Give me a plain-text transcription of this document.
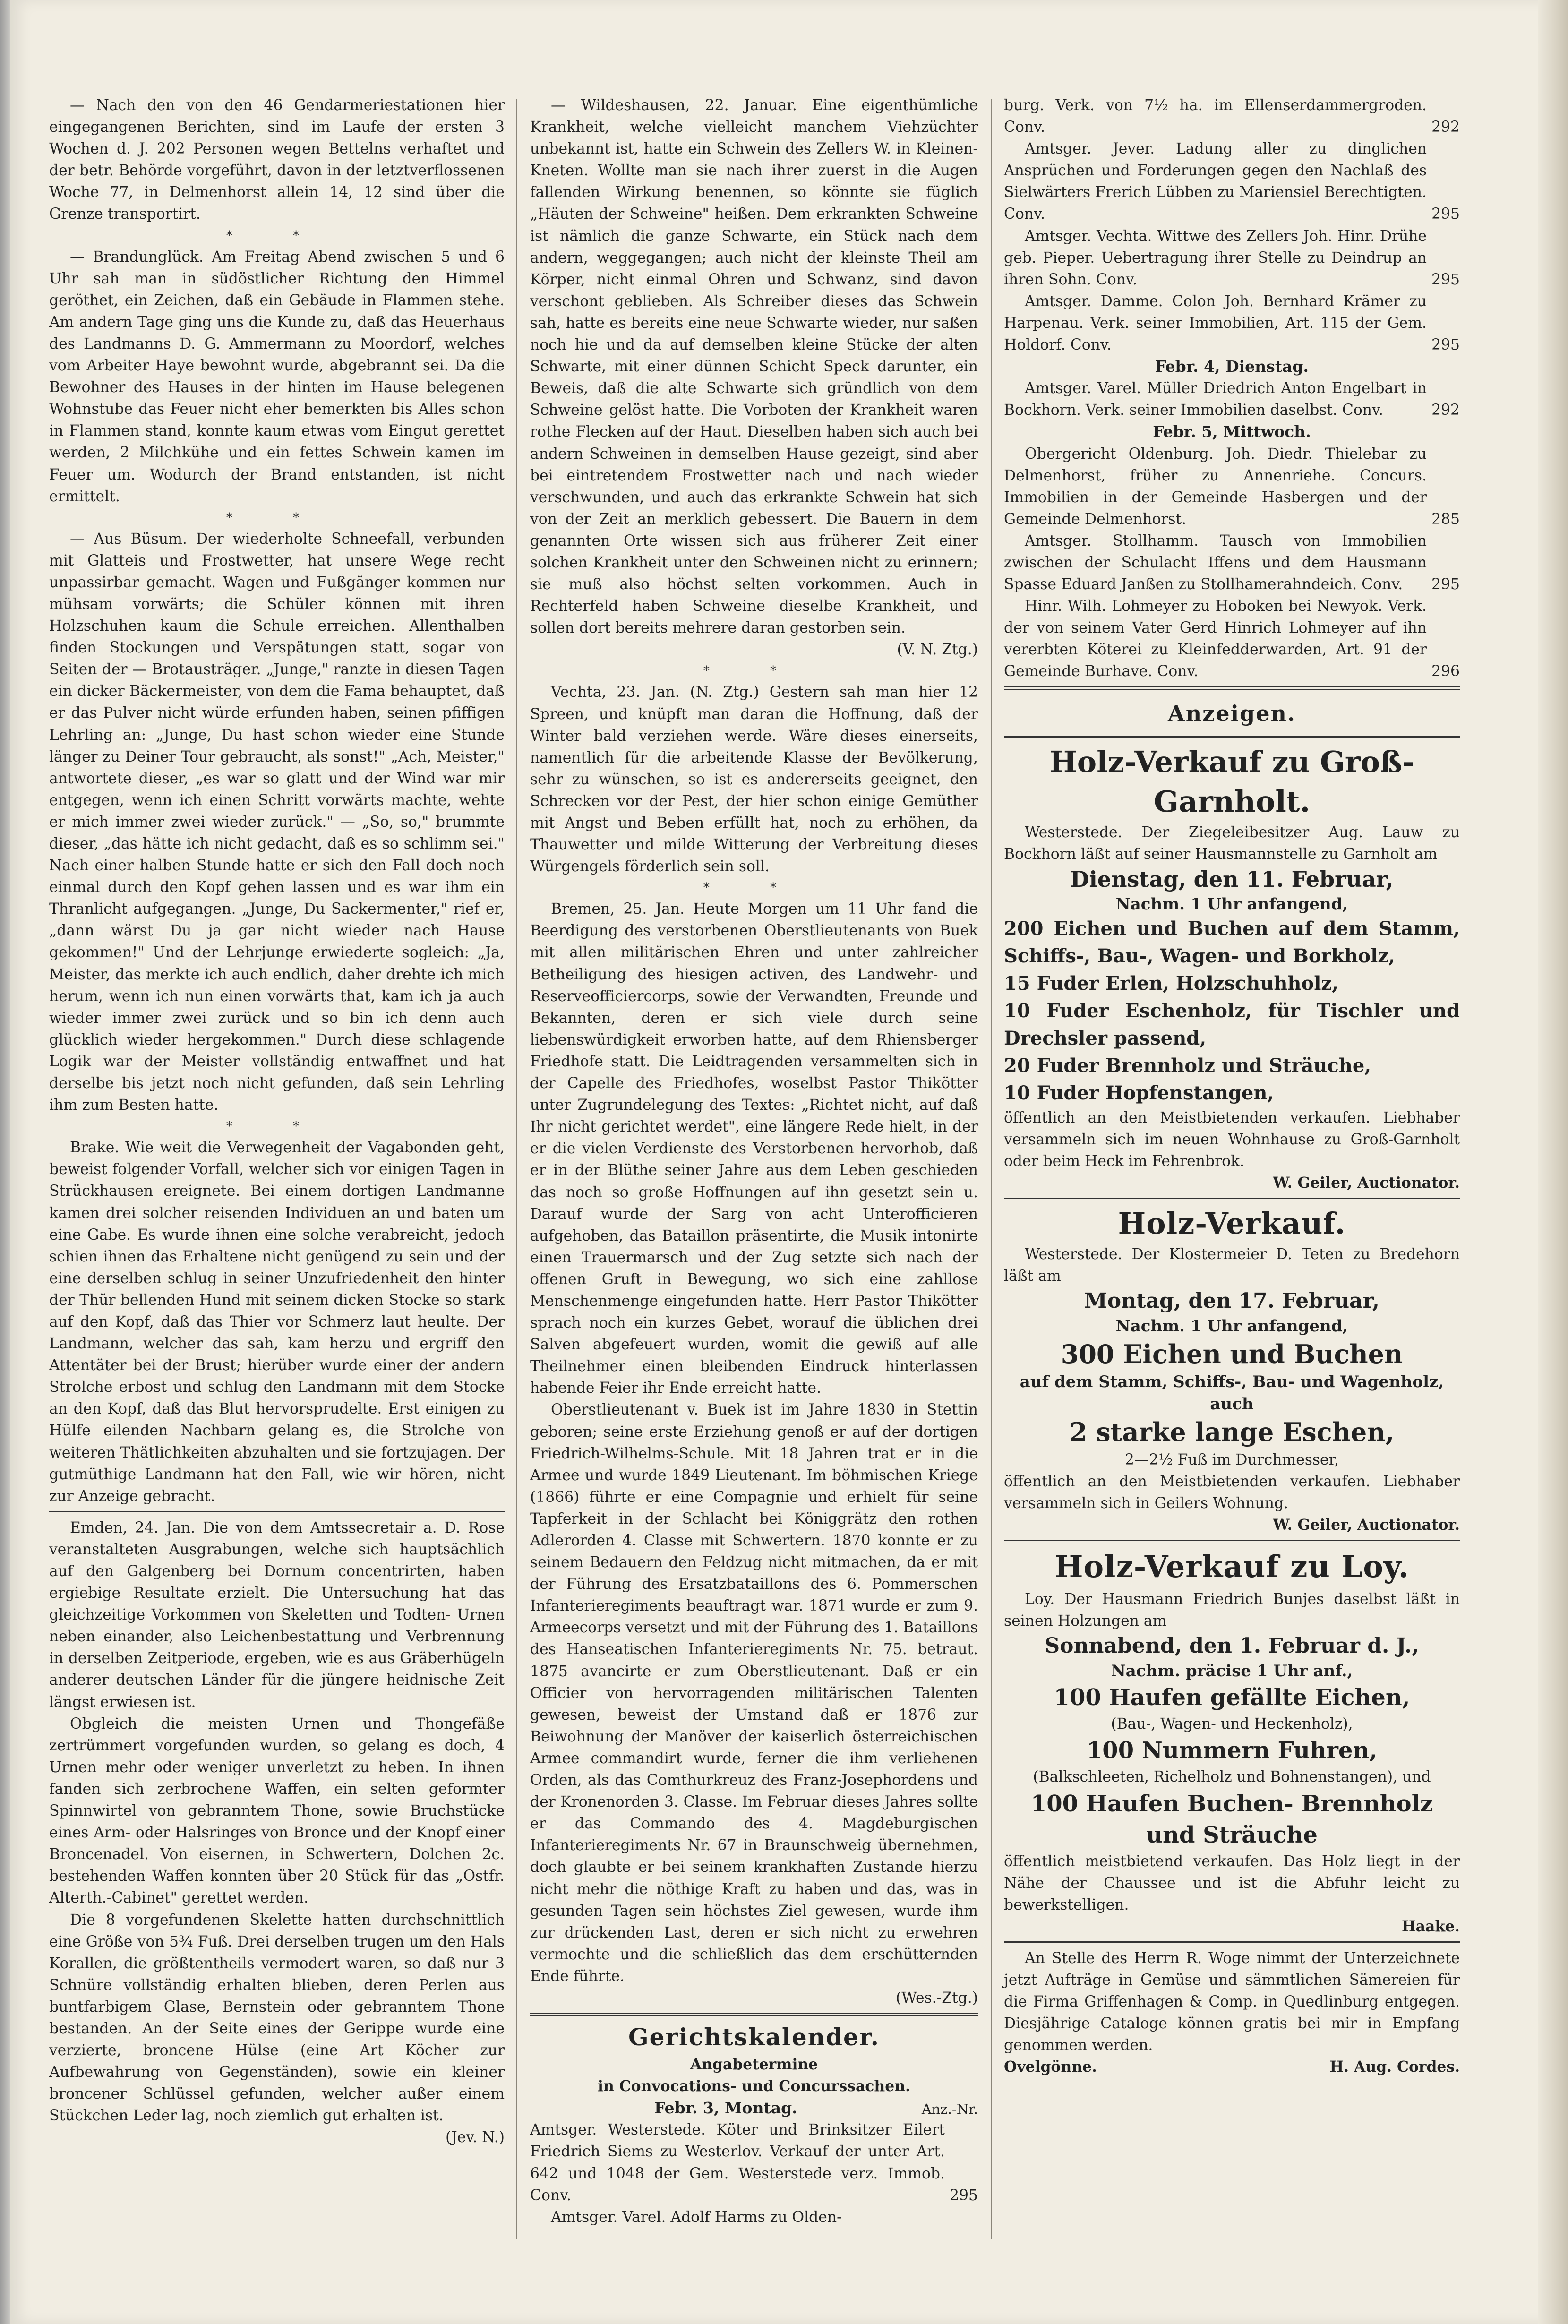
— Nach den von den 46 Gendarmeriestationen hier eingegangenen Berichten, sind im Laufe der ersten 3 Wochen d. J. 202 Personen wegen Bettelns verhaftet und der betr. Behörde vorgeführt, davon in der letztverflossenen Woche 77, in Delmenhorst allein 14, 12 sind über die Grenze transportirt.

* *

— Brandunglück. Am Freitag Abend zwischen 5 und 6 Uhr sah man in südöstlicher Richtung den Himmel geröthet, ein Zeichen, daß ein Gebäude in Flammen stehe. Am andern Tage ging uns die Kunde zu, daß das Heuerhaus des Landmanns D. G. Ammermann zu Moordorf, welches vom Arbeiter Haye bewohnt wurde, abgebrannt sei. Da die Bewohner des Hauses in der hinten im Hause belegenen Wohnstube das Feuer nicht eher bemerkten bis Alles schon in Flammen stand, konnte kaum etwas vom Eingut gerettet werden, 2 Milchkühe und ein fettes Schwein kamen im Feuer um. Wodurch der Brand entstanden, ist nicht ermittelt.

* *

— Aus Büsum. Der wiederholte Schneefall, verbunden mit Glatteis und Frostwetter, hat unsere Wege recht unpassirbar gemacht. Wagen und Fußgänger kommen nur mühsam vorwärts; die Schüler können mit ihren Holzschuhen kaum die Schule erreichen. Allenthalben finden Stockungen und Verspätungen statt, sogar von Seiten der — Brotausträger. „Junge," ranzte in diesen Tagen ein dicker Bäckermeister, von dem die Fama behauptet, daß er das Pulver nicht würde erfunden haben, seinen pfiffigen Lehrling an: „Junge, Du hast schon wieder eine Stunde länger zu Deiner Tour gebraucht, als sonst!" „Ach, Meister," antwortete dieser, „es war so glatt und der Wind war mir entgegen, wenn ich einen Schritt vorwärts machte, wehte er mich immer zwei wieder zurück." — „So, so," brummte dieser, „das hätte ich nicht gedacht, daß es so schlimm sei." Nach einer halben Stunde hatte er sich den Fall doch noch einmal durch den Kopf gehen lassen und es war ihm ein Thranlicht aufgegangen. „Junge, Du Sackermenter," rief er, „dann wärst Du ja gar nicht wieder nach Hause gekommen!" Und der Lehrjunge erwiederte sogleich: „Ja, Meister, das merkte ich auch endlich, daher drehte ich mich herum, wenn ich nun einen vorwärts that, kam ich ja auch wieder immer zwei zurück und so bin ich denn auch glücklich wieder hergekommen." Durch diese schlagende Logik war der Meister vollständig entwaffnet und hat derselbe bis jetzt noch nicht gefunden, daß sein Lehrling ihm zum Besten hatte.

* *

Brake. Wie weit die Verwegenheit der Vagabonden geht, beweist folgender Vorfall, welcher sich vor einigen Tagen in Strückhausen ereignete. Bei einem dortigen Landmanne kamen drei solcher reisenden Individuen an und baten um eine Gabe. Es wurde ihnen eine solche verabreicht, jedoch schien ihnen das Erhaltene nicht genügend zu sein und der eine derselben schlug in seiner Unzufriedenheit den hinter der Thür bellenden Hund mit seinem dicken Stocke so stark auf den Kopf, daß das Thier vor Schmerz laut heulte. Der Landmann, welcher das sah, kam herzu und ergriff den Attentäter bei der Brust; hierüber wurde einer der andern Strolche erbost und schlug den Landmann mit dem Stocke an den Kopf, daß das Blut hervorsprudelte. Erst einigen zu Hülfe eilenden Nachbarn gelang es, die Strolche von weiteren Thätlichkeiten abzuhalten und sie fortzujagen. Der gutmüthige Landmann hat den Fall, wie wir hören, nicht zur Anzeige gebracht.

Emden, 24. Jan. Die von dem Amtssecretair a. D. Rose veranstalteten Ausgrabungen, welche sich hauptsächlich auf den Galgenberg bei Dornum concentrirten, haben ergiebige Resultate erzielt. Die Untersuchung hat das gleichzeitige Vorkommen von Skeletten und Todten- Urnen neben einander, also Leichenbestattung und Verbrennung in derselben Zeitperiode, ergeben, wie es aus Gräberhügeln anderer deutschen Länder für die jüngere heidnische Zeit längst erwiesen ist.

Obgleich die meisten Urnen und Thongefäße zertrümmert vorgefunden wurden, so gelang es doch, 4 Urnen mehr oder weniger unverletzt zu heben. In ihnen fanden sich zerbrochene Waffen, ein selten geformter Spinnwirtel von gebranntem Thone, sowie Bruchstücke eines Arm- oder Halsringes von Bronce und der Knopf einer Broncenadel. Von eisernen, in Schwertern, Dolchen 2c. bestehenden Waffen konnten über 20 Stück für das „Ostfr. Alterth.-Cabinet" gerettet werden.

Die 8 vorgefundenen Skelette hatten durchschnittlich eine Größe von 5¾ Fuß. Drei derselben trugen um den Hals Korallen, die größtentheils vermodert waren, so daß nur 3 Schnüre vollständig erhalten blieben, deren Perlen aus buntfarbigem Glase, Bernstein oder gebranntem Thone bestanden. An der Seite eines der Gerippe wurde eine verzierte, broncene Hülse (eine Art Köcher zur Aufbewahrung von Gegenständen), sowie ein kleiner broncener Schlüssel gefunden, welcher außer einem Stückchen Leder lag, noch ziemlich gut erhalten ist.

(Jev. N.)

— Wildeshausen, 22. Januar. Eine eigenthümliche Krankheit, welche vielleicht manchem Viehzüchter unbekannt ist, hatte ein Schwein des Zellers W. in Kleinen-Kneten. Wollte man sie nach ihrer zuerst in die Augen fallenden Wirkung benennen, so könnte sie füglich „Häuten der Schweine" heißen. Dem erkrankten Schweine ist nämlich die ganze Schwarte, ein Stück nach dem andern, weggegangen; auch nicht der kleinste Theil am Körper, nicht einmal Ohren und Schwanz, sind davon verschont geblieben. Als Schreiber dieses das Schwein sah, hatte es bereits eine neue Schwarte wieder, nur saßen noch hie und da auf demselben kleine Stücke der alten Schwarte, mit einer dünnen Schicht Speck darunter, ein Beweis, daß die alte Schwarte sich gründlich von dem Schweine gelöst hatte. Die Vorboten der Krankheit waren rothe Flecken auf der Haut. Dieselben haben sich auch bei andern Schweinen in demselben Hause gezeigt, sind aber bei eintretendem Frostwetter nach und nach wieder verschwunden, und auch das erkrankte Schwein hat sich von der Zeit an merklich gebessert. Die Bauern in dem genannten Orte wissen sich aus früherer Zeit einer solchen Krankheit unter den Schweinen nicht zu erinnern; sie muß also höchst selten vorkommen. Auch in Rechterfeld haben Schweine dieselbe Krankheit, und sollen dort bereits mehrere daran gestorben sein.

(V. N. Ztg.)

* *

Vechta, 23. Jan. (N. Ztg.) Gestern sah man hier 12 Spreen, und knüpft man daran die Hoffnung, daß der Winter bald verziehen werde. Wäre dieses einerseits, namentlich für die arbeitende Klasse der Bevölkerung, sehr zu wünschen, so ist es andererseits geeignet, den Schrecken vor der Pest, der hier schon einige Gemüther mit Angst und Beben erfüllt hat, noch zu erhöhen, da Thauwetter und milde Witterung der Verbreitung dieses Würgengels förderlich sein soll.

* *

Bremen, 25. Jan. Heute Morgen um 11 Uhr fand die Beerdigung des verstorbenen Oberstlieutenants von Buek mit allen militärischen Ehren und unter zahlreicher Betheiligung des hiesigen activen, des Landwehr- und Reserveofficiercorps, sowie der Verwandten, Freunde und Bekannten, deren er sich viele durch seine liebenswürdigkeit erworben hatte, auf dem Rhiensberger Friedhofe statt. Die Leidtragenden versammelten sich in der Capelle des Friedhofes, woselbst Pastor Thikötter unter Zugrundelegung des Textes: „Richtet nicht, auf daß Ihr nicht gerichtet werdet", eine längere Rede hielt, in der er die vielen Verdienste des Verstorbenen hervorhob, daß er in der Blüthe seiner Jahre aus dem Leben geschieden das noch so große Hoffnungen auf ihn gesetzt sein u. Darauf wurde der Sarg von acht Unterofficieren aufgehoben, das Bataillon präsentirte, die Musik intonirte einen Trauermarsch und der Zug setzte sich nach der offenen Gruft in Bewegung, wo sich eine zahllose Menschenmenge eingefunden hatte. Herr Pastor Thikötter sprach noch ein kurzes Gebet, worauf die üblichen drei Salven abgefeuert wurden, womit die gewiß auf alle Theilnehmer einen bleibenden Eindruck hinterlassen habende Feier ihr Ende erreicht hatte.

Oberstlieutenant v. Buek ist im Jahre 1830 in Stettin geboren; seine erste Erziehung genoß er auf der dortigen Friedrich-Wilhelms-Schule. Mit 18 Jahren trat er in die Armee und wurde 1849 Lieutenant. Im böhmischen Kriege (1866) führte er eine Compagnie und erhielt für seine Tapferkeit in der Schlacht bei Königgrätz den rothen Adlerorden 4. Classe mit Schwertern. 1870 konnte er zu seinem Bedauern den Feldzug nicht mitmachen, da er mit der Führung des Ersatzbataillons des 6. Pommerschen Infanterieregiments beauftragt war. 1871 wurde er zum 9. Armeecorps versetzt und mit der Führung des 1. Bataillons des Hanseatischen Infanterieregiments Nr. 75. betraut. 1875 avancirte er zum Oberstlieutenant. Daß er ein Officier von hervorragenden militärischen Talenten gewesen, beweist der Umstand daß er 1876 zur Beiwohnung der Manöver der kaiserlich österreichischen Armee commandirt wurde, ferner die ihm verliehenen Orden, als das Comthurkreuz des Franz-Josephordens und der Kronenorden 3. Classe. Im Februar dieses Jahres sollte er das Commando des 4. Magdeburgischen Infanterieregiments Nr. 67 in Braunschweig übernehmen, doch glaubte er bei seinem krankhaften Zustande hierzu nicht mehr die nöthige Kraft zu haben und das, was in gesunden Tagen sein höchstes Ziel gewesen, wurde ihm zur drückenden Last, deren er sich nicht zu erwehren vermochte und die schließlich das dem erschütternden Ende führte.

(Wes.-Ztg.)

Gerichtskalender.
Angabetermine
in Convocations- und Concurssachen.
Febr. 3, Montag.	Anz.-Nr.

Amtsger. Westerstede. Köter und Brinksitzer Eilert Friedrich Siems zu Westerlov. Verkauf der unter Art. 642 und 1048 der Gem. Westerstede verz. Immob. Conv.	295

Amtsger. Varel. Adolf Harms zu Olden-

burg. Verk. von 7½ ha. im Ellenserdammergroden. Conv.	292

Amtsger. Jever. Ladung aller zu dinglichen Ansprüchen und Forderungen gegen den Nachlaß des Sielwärters Frerich Lübben zu Mariensiel Berechtigten. Conv.	295

Amtsger. Vechta. Wittwe des Zellers Joh. Hinr. Drühe geb. Pieper. Uebertragung ihrer Stelle zu Deindrup an ihren Sohn. Conv.	295

Amtsger. Damme. Colon Joh. Bernhard Krämer zu Harpenau. Verk. seiner Immobilien, Art. 115 der Gem. Holdorf. Conv.	295
Febr. 4, Dienstag.

Amtsger. Varel. Müller Driedrich Anton Engelbart in Bockhorn. Verk. seiner Immobilien daselbst. Conv.	292
Febr. 5, Mittwoch.

Obergericht Oldenburg. Joh. Diedr. Thielebar zu Delmenhorst, früher zu Annenriehe. Concurs. Immobilien in der Gemeinde Hasbergen und der Gemeinde Delmenhorst.	285

Amtsger. Stollhamm. Tausch von Immobilien zwischen der Schulacht Iffens und dem Hausmann Spasse Eduard Janßen zu Stollhamerahndeich. Conv.	295

Hinr. Wilh. Lohmeyer zu Hoboken bei Newyok. Verk. der von seinem Vater Gerd Hinrich Lohmeyer auf ihn vererbten Köterei zu Kleinfedderwarden, Art. 91 der Gemeinde Burhave. Conv.	296
Anzeigen.
Holz-Verkauf zu Groß-Garnholt.

Westerstede. Der Ziegeleibesitzer Aug. Lauw zu Bockhorn läßt auf seiner Hausmannstelle zu Garnholt am

Dienstag, den 11. Februar,
Nachm. 1 Uhr anfangend,

200 Eichen und Buchen auf dem Stamm, Schiffs-, Bau-, Wagen- und Borkholz,

15 Fuder Erlen, Holzschuhholz,

10 Fuder Eschenholz, für Tischler und Drechsler passend,

20 Fuder Brennholz und Sträuche,

10 Fuder Hopfenstangen,

öffentlich an den Meistbietenden verkaufen. Liebhaber versammeln sich im neuen Wohnhause zu Groß-Garnholt oder beim Heck im Fehrenbrok.

W. Geiler, Auctionator.
Holz-Verkauf.

Westerstede. Der Klostermeier D. Teten zu Bredehorn läßt am

Montag, den 17. Februar,
Nachm. 1 Uhr anfangend,
300 Eichen und Buchen
auf dem Stamm, Schiffs-, Bau- und Wagenholz, auch
2 starke lange Eschen,
2—2½ Fuß im Durchmesser,

öffentlich an den Meistbietenden verkaufen. Liebhaber versammeln sich in Geilers Wohnung.

W. Geiler, Auctionator.
Holz-Verkauf zu Loy.

Loy. Der Hausmann Friedrich Bunjes daselbst läßt in seinen Holzungen am

Sonnabend, den 1. Februar d. J.,
Nachm. präcise 1 Uhr anf.,
100 Haufen gefällte Eichen,
(Bau-, Wagen- und Heckenholz),
100 Nummern Fuhren,
(Balkschleeten, Richelholz und Bohnenstangen), und
100 Haufen Buchen- Brennholz und Sträuche

öffentlich meistbietend verkaufen. Das Holz liegt in der Nähe der Chaussee und ist die Abfuhr leicht zu bewerkstelligen.

Haake.

An Stelle des Herrn R. Woge nimmt der Unterzeichnete jetzt Aufträge in Gemüse und sämmtlichen Sämereien für die Firma Griffenhagen & Comp. in Quedlinburg entgegen. Diesjährige Cataloge können gratis bei mir in Empfang genommen werden.

Ovelgönne.	H. Aug. Cordes.
